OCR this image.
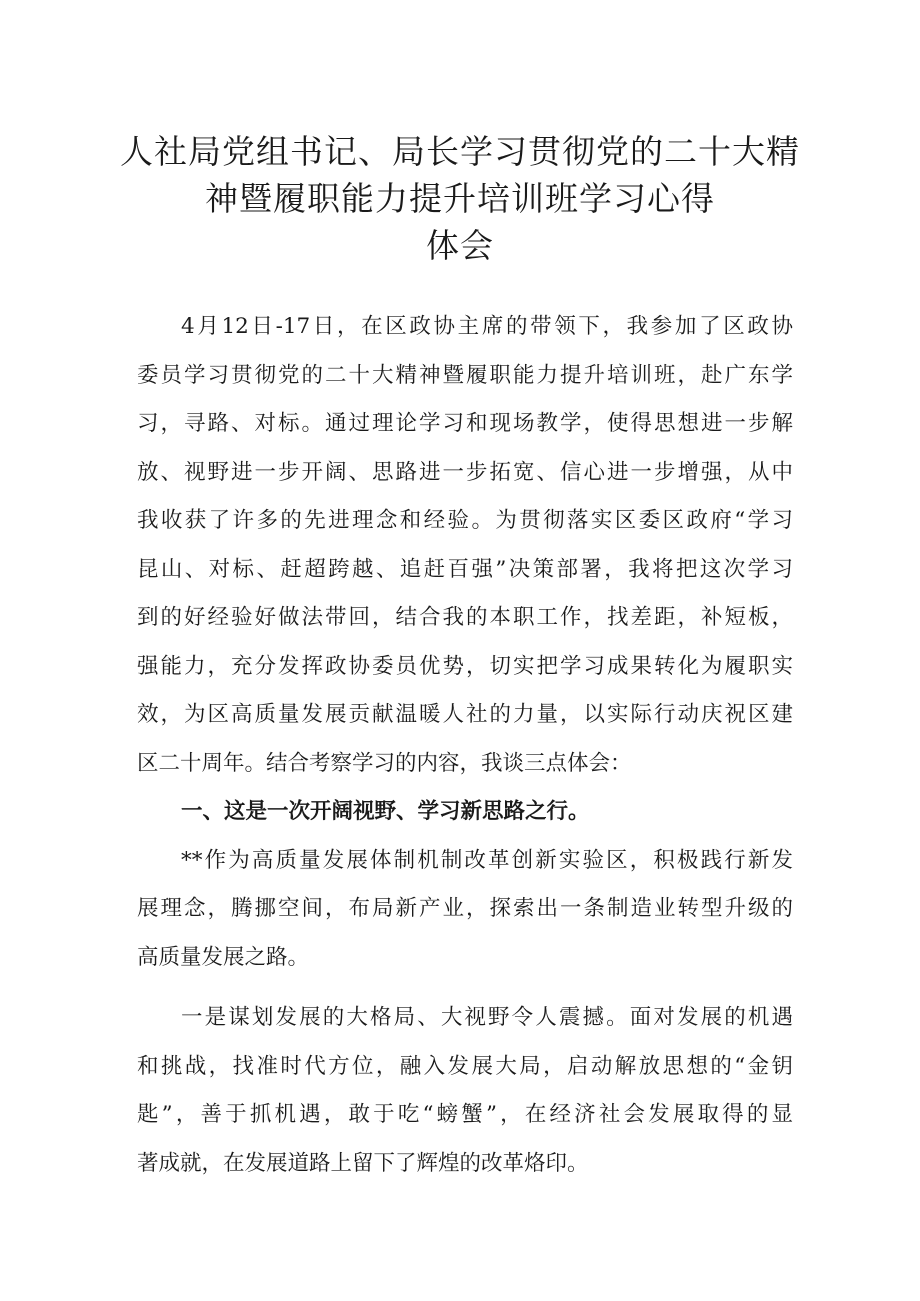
人社局党组书记、局长学习贯彻党的二十大精
神暨履职能力提升培训班学习心得
体会

4月12日-17日，在区政协主席的带领下，我参加了区政协
委员学习贯彻党的二十大精神暨履职能力提升培训班，赴广东学
习，寻路、对标。通过理论学习和现场教学，使得思想进一步解
放、视野进一步开阔、思路进一步拓宽、信心进一步增强，从中
我收获了许多的先进理念和经验。为贯彻落实区委区政府“学习
昆山、对标、赶超跨越、追赶百强”决策部署，我将把这次学习
到的好经验好做法带回，结合我的本职工作，找差距，补短板，
强能力，充分发挥政协委员优势，切实把学习成果转化为履职实
效，为区高质量发展贡献温暖人社的力量，以实际行动庆祝区建
区二十周年。结合考察学习的内容，我谈三点体会：

一、这是一次开阔视野、学习新思路之行。

**作为高质量发展体制机制改革创新实验区，积极践行新发
展理念，腾挪空间，布局新产业，探索出一条制造业转型升级的
高质量发展之路。

一是谋划发展的大格局、大视野令人震撼。面对发展的机遇
和挑战，找准时代方位，融入发展大局，启动解放思想的“金钥
匙”，善于抓机遇，敢于吃“螃蟹”，在经济社会发展取得的显
著成就，在发展道路上留下了辉煌的改革烙印。
